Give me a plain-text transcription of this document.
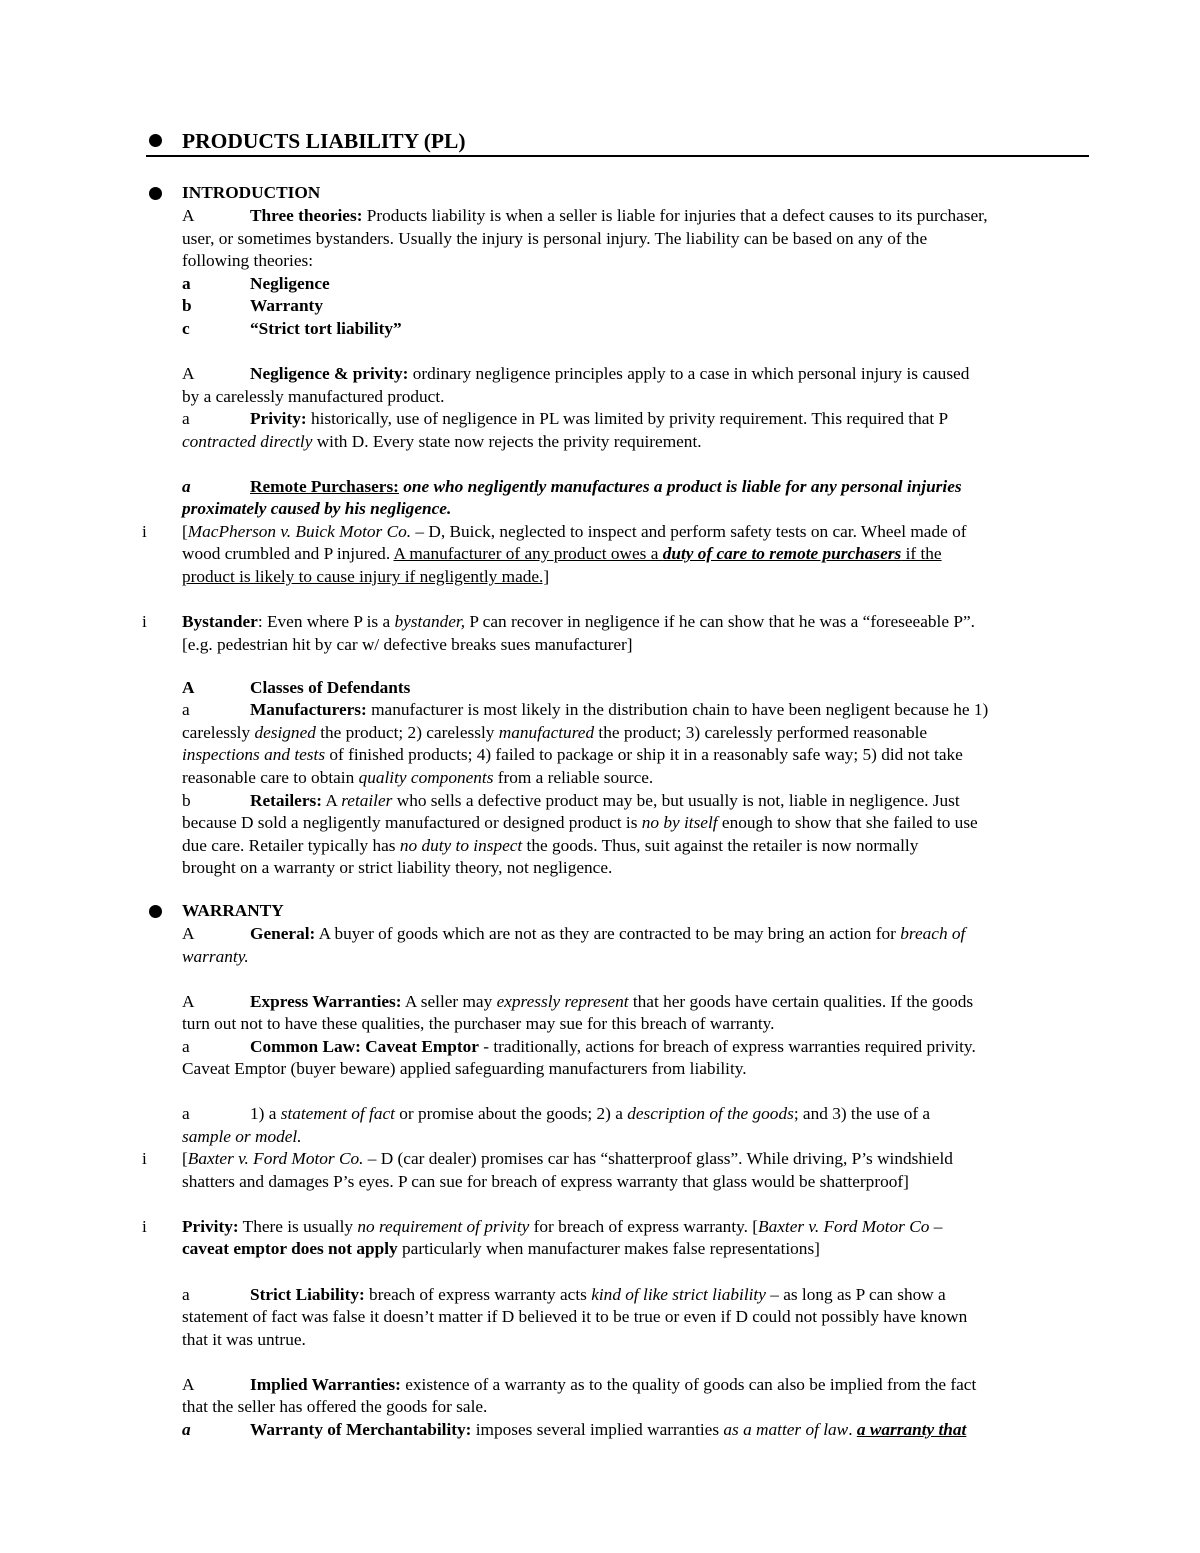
PRODUCTS LIABILITY (PL)
INTRODUCTION
A	Three theories: Products liability is when a seller is liable for injuries that a defect causes to its purchaser,
user, or sometimes bystanders. Usually the injury is personal injury. The liability can be based on any of the
following theories:
a	Negligence
b	Warranty
c	“Strict tort liability”
A	Negligence & privity: ordinary negligence principles apply to a case in which personal injury is caused
by a carelessly manufactured product.
a	Privity: historically, use of negligence in PL was limited by privity requirement. This required that P
contracted directly with D. Every state now rejects the privity requirement.
a	Remote Purchasers: one who negligently manufactures a product is liable for any personal injuries
proximately caused by his negligence.
i [MacPherson v. Buick Motor Co. – D, Buick, neglected to inspect and perform safety tests on car. Wheel made of
wood crumbled and P injured. A manufacturer of any product owes a duty of care to remote purchasers if the
product is likely to cause injury if negligently made.]
i Bystander: Even where P is a bystander, P can recover in negligence if he can show that he was a “foreseeable P”.
[e.g. pedestrian hit by car w/ defective breaks sues manufacturer]
A	Classes of Defendants
a	Manufacturers: manufacturer is most likely in the distribution chain to have been negligent because he 1)
carelessly designed the product; 2) carelessly manufactured the product; 3) carelessly performed reasonable
inspections and tests of finished products; 4) failed to package or ship it in a reasonably safe way; 5) did not take
reasonable care to obtain quality components from a reliable source.
b	Retailers: A retailer who sells a defective product may be, but usually is not, liable in negligence. Just
because D sold a negligently manufactured or designed product is no by itself enough to show that she failed to use
due care. Retailer typically has no duty to inspect the goods. Thus, suit against the retailer is now normally
brought on a warranty or strict liability theory, not negligence.
WARRANTY
A	General: A buyer of goods which are not as they are contracted to be may bring an action for breach of
warranty.
A	Express Warranties: A seller may expressly represent that her goods have certain qualities. If the goods
turn out not to have these qualities, the purchaser may sue for this breach of warranty.
a	Common Law: Caveat Emptor - traditionally, actions for breach of express warranties required privity.
Caveat Emptor (buyer beware) applied safeguarding manufacturers from liability.
a	1) a statement of fact or promise about the goods; 2) a description of the goods; and 3) the use of a
sample or model.
i [Baxter v. Ford Motor Co. – D (car dealer) promises car has “shatterproof glass”. While driving, P’s windshield
shatters and damages P’s eyes. P can sue for breach of express warranty that glass would be shatterproof]
i Privity: There is usually no requirement of privity for breach of express warranty. [Baxter v. Ford Motor Co –
caveat emptor does not apply particularly when manufacturer makes false representations]
a	Strict Liability: breach of express warranty acts kind of like strict liability – as long as P can show a
statement of fact was false it doesn’t matter if D believed it to be true or even if D could not possibly have known
that it was untrue.
A	Implied Warranties: existence of a warranty as to the quality of goods can also be implied from the fact
that the seller has offered the goods for sale.
a	Warranty of Merchantability: imposes several implied warranties as a matter of law. a warranty that
